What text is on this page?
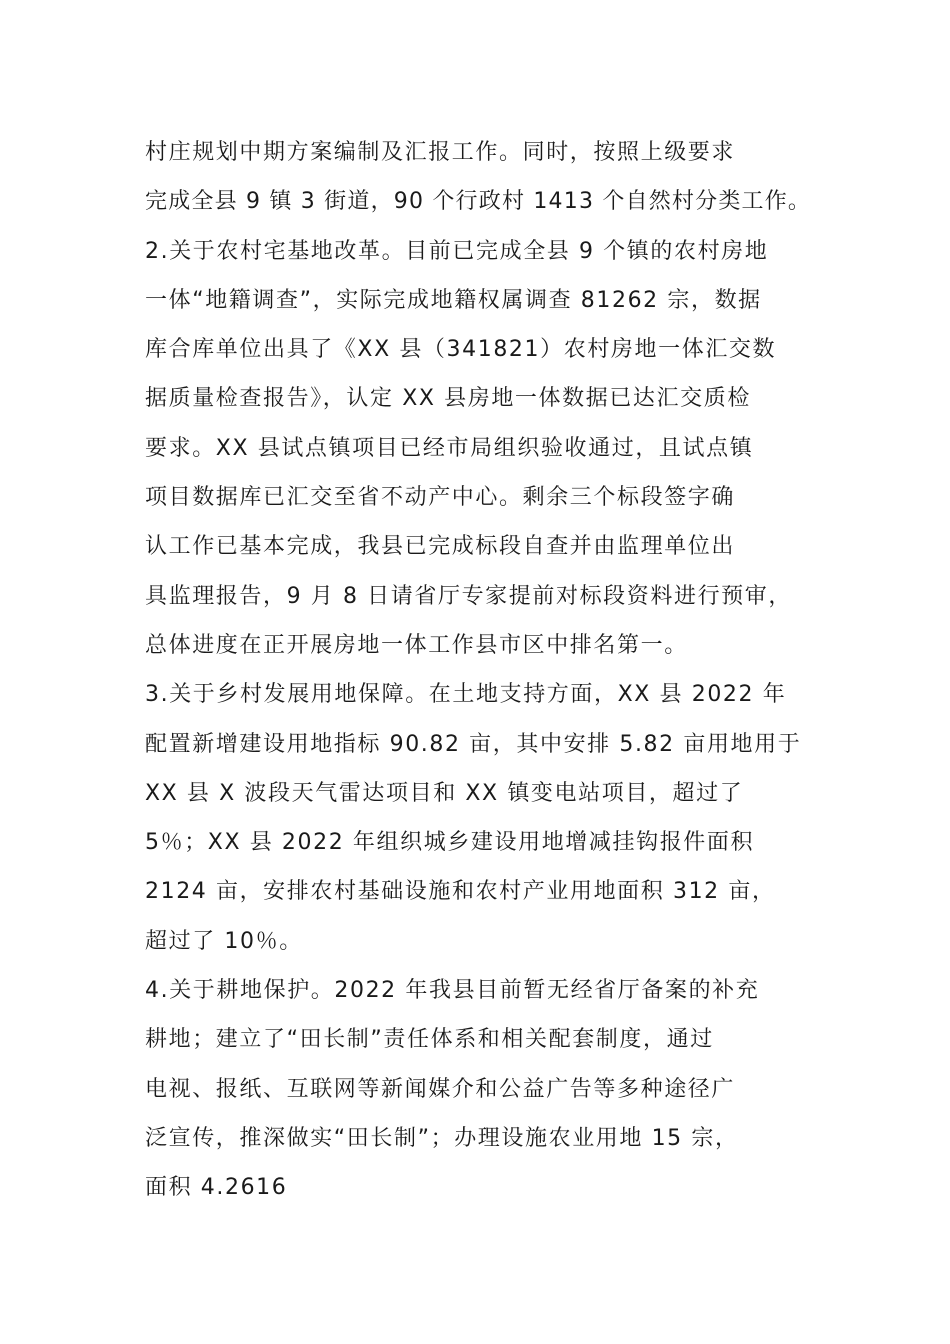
村庄规划中期方案编制及汇报工作。同时，按照上级要求
完成全县 9 镇 3 街道，90 个行政村 1413 个自然村分类工作。
2.关于农村宅基地改革。目前已完成全县 9 个镇的农村房地
一体“地籍调查”，实际完成地籍权属调查 81262 宗，数据
库合库单位出具了《XX 县（341821）农村房地一体汇交数
据质量检查报告》，认定 XX 县房地一体数据已达汇交质检
要求。XX 县试点镇项目已经市局组织验收通过，且试点镇
项目数据库已汇交至省不动产中心。剩余三个标段签字确
认工作已基本完成，我县已完成标段自查并由监理单位出
具监理报告，9 月 8 日请省厅专家提前对标段资料进行预审，
总体进度在正开展房地一体工作县市区中排名第一。
3.关于乡村发展用地保障。在土地支持方面，XX 县 2022 年
配置新增建设用地指标 90.82 亩，其中安排 5.82 亩用地用于
XX 县 X 波段天气雷达项目和 XX 镇变电站项目，超过了
5％；XX 县 2022 年组织城乡建设用地增减挂钩报件面积
2124 亩，安排农村基础设施和农村产业用地面积 312 亩，
超过了 10％。
4.关于耕地保护。2022 年我县目前暂无经省厅备案的补充
耕地；建立了“田长制”责任体系和相关配套制度，通过
电视、报纸、互联网等新闻媒介和公益广告等多种途径广
泛宣传，推深做实“田长制”；办理设施农业用地 15 宗，
面积 4.2616
